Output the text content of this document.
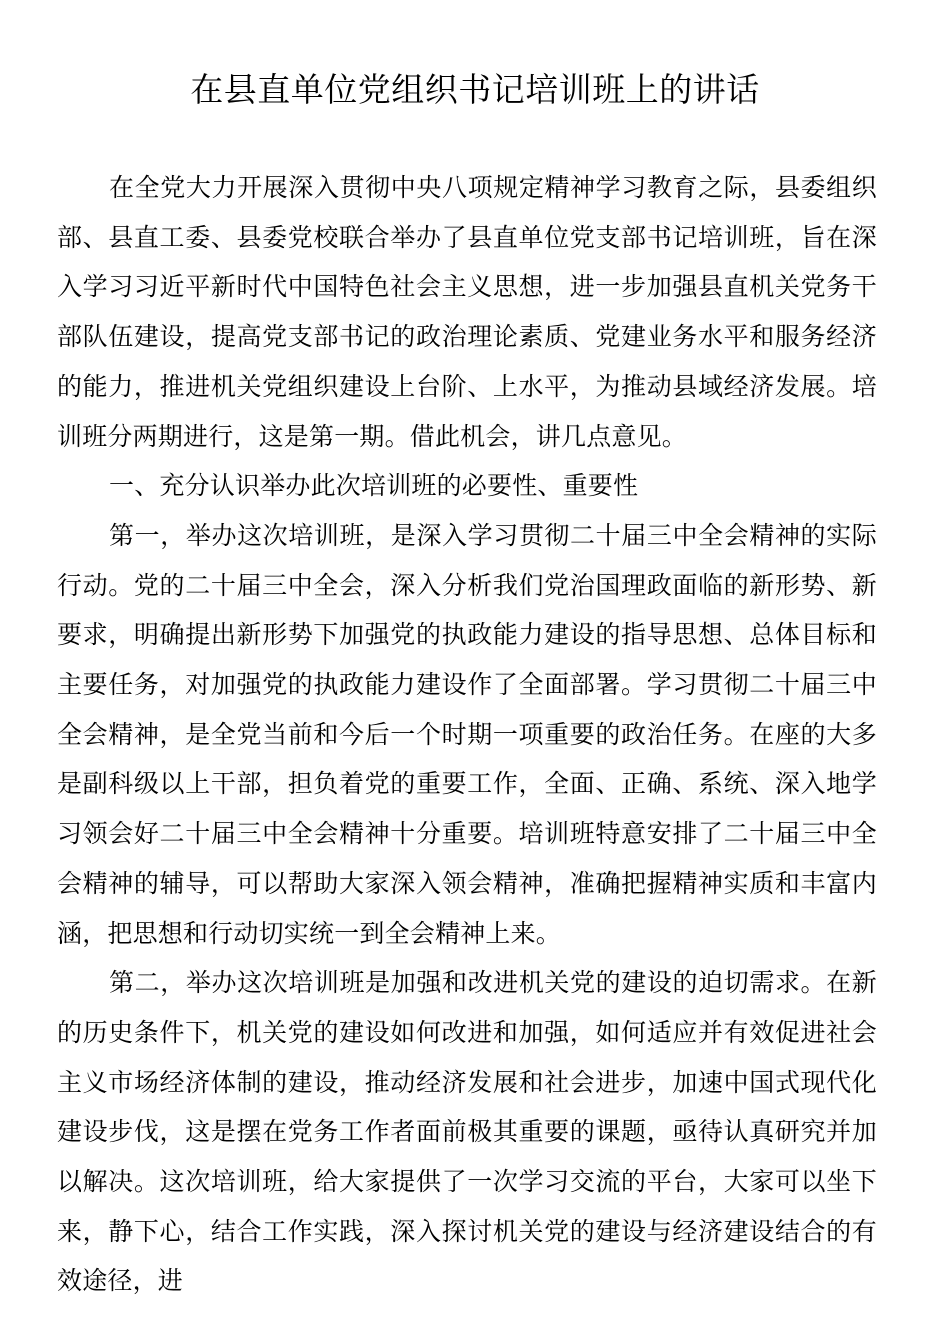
在县直单位党组织书记培训班上的讲话

在全党大力开展深入贯彻中央八项规定精神学习教育之际，县委组织部、县直工委、县委党校联合举办了县直单位党支部书记培训班，旨在深入学习习近平新时代中国特色社会主义思想，进一步加强县直机关党务干部队伍建设，提高党支部书记的政治理论素质、党建业务水平和服务经济的能力，推进机关党组织建设上台阶、上水平，为推动县域经济发展。培训班分两期进行，这是第一期。借此机会，讲几点意见。

一、充分认识举办此次培训班的必要性、重要性

第一，举办这次培训班，是深入学习贯彻二十届三中全会精神的实际行动。党的二十届三中全会，深入分析我们党治国理政面临的新形势、新要求，明确提出新形势下加强党的执政能力建设的指导思想、总体目标和主要任务，对加强党的执政能力建设作了全面部署。学习贯彻二十届三中全会精神，是全党当前和今后一个时期一项重要的政治任务。在座的大多是副科级以上干部，担负着党的重要工作，全面、正确、系统、深入地学习领会好二十届三中全会精神十分重要。培训班特意安排了二十届三中全会精神的辅导，可以帮助大家深入领会精神，准确把握精神实质和丰富内涵，把思想和行动切实统一到全会精神上来。

第二，举办这次培训班是加强和改进机关党的建设的迫切需求。在新的历史条件下，机关党的建设如何改进和加强，如何适应并有效促进社会主义市场经济体制的建设，推动经济发展和社会进步，加速中国式现代化建设步伐，这是摆在党务工作者面前极其重要的课题，亟待认真研究并加以解决。这次培训班，给大家提供了一次学习交流的平台，大家可以坐下来，静下心，结合工作实践，深入探讨机关党的建设与经济建设结合的有效途径，进
